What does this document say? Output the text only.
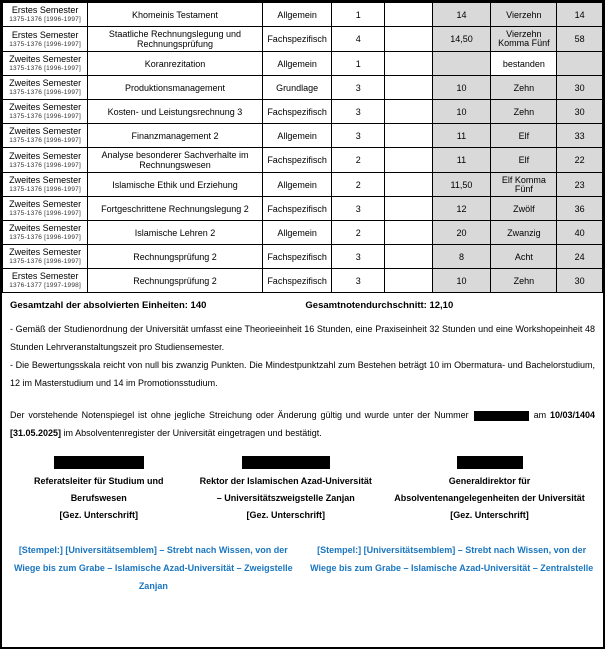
Erstes Semester
1375-1376 [1996-1997]	Khomeinis Testament	Allgemein	1		14	Vierzehn	14

Erstes Semester
1375-1376 [1996-1997]	Staatliche Rechnungslegung und Rechnungsprüfung	Fachspezifisch	4		14,50	Vierzehn Komma Fünf	58

Zweites Semester
1375-1376 [1996-1997]	Koranrezitation	Allgemein	1			bestanden	

Zweites Semester
1375-1376 [1996-1997]	Produktionsmanagement	Grundlage	3		10	Zehn	30

Zweites Semester
1375-1376 [1996-1997]	Kosten- und Leistungsrechnung 3	Fachspezifisch	3		10	Zehn	30

Zweites Semester
1375-1376 [1996-1997]	Finanzmanagement 2	Allgemein	3		11	Elf	33

Zweites Semester
1375-1376 [1996-1997]	Analyse besonderer Sachverhalte im Rechnungswesen	Fachspezifisch	2		11	Elf	22

Zweites Semester
1375-1376 [1996-1997]	Islamische Ethik und Erziehung	Allgemein	2		11,50	Elf Komma Fünf	23

Zweites Semester
1375-1376 [1996-1997]	Fortgeschrittene Rechnungslegung 2	Fachspezifisch	3		12	Zwölf	36

Zweites Semester
1375-1376 [1996-1997]	Islamische Lehren 2	Allgemein	2		20	Zwanzig	40

Zweites Semester
1375-1376 [1996-1997]	Rechnungsprüfung 2	Fachspezifisch	3		8	Acht	24

Erstes Semester
1376-1377 [1997-1998]	Rechnungsprüfung 2	Fachspezifisch	3		10	Zehn	30
Gesamtzahl der absolvierten Einheiten: 140	Gesamtnotendurchschnitt: 12,10
- Gemäß der Studienordnung der Universität umfasst eine Theorieeinheit 16 Stunden, eine Praxiseinheit 32 Stunden und eine Workshopeinheit 48 Stunden Lehrveranstaltungszeit pro Studiensemester.
- Die Bewertungsskala reicht von null bis zwanzig Punkten. Die Mindestpunktzahl zum Bestehen beträgt 10 im Obermatura- und Bachelorstudium, 12 im Masterstudium und 14 im Promotionsstudium.
Der vorstehende Notenspiegel ist ohne jegliche Streichung oder Änderung gültig und wurde unter der Nummer	am 10/03/1404 [31.05.2025] im Absolventenregister der Universität eingetragen und bestätigt.
Referatsleiter für Studium und
Berufswesen
[Gez. Unterschrift]
Rektor der Islamischen Azad-Universität
– Universitätszweigstelle Zanjan
[Gez. Unterschrift]
Generaldirektor für
Absolventenangelegenheiten der Universität
[Gez. Unterschrift]
[Stempel:] [Universitätsemblem] – Strebt nach Wissen, von der Wiege bis zum Grabe – Islamische Azad-Universität – Zweigstelle Zanjan
[Stempel:] [Universitätsemblem] – Strebt nach Wissen, von der Wiege bis zum Grabe – Islamische Azad-Universität – Zentralstelle
